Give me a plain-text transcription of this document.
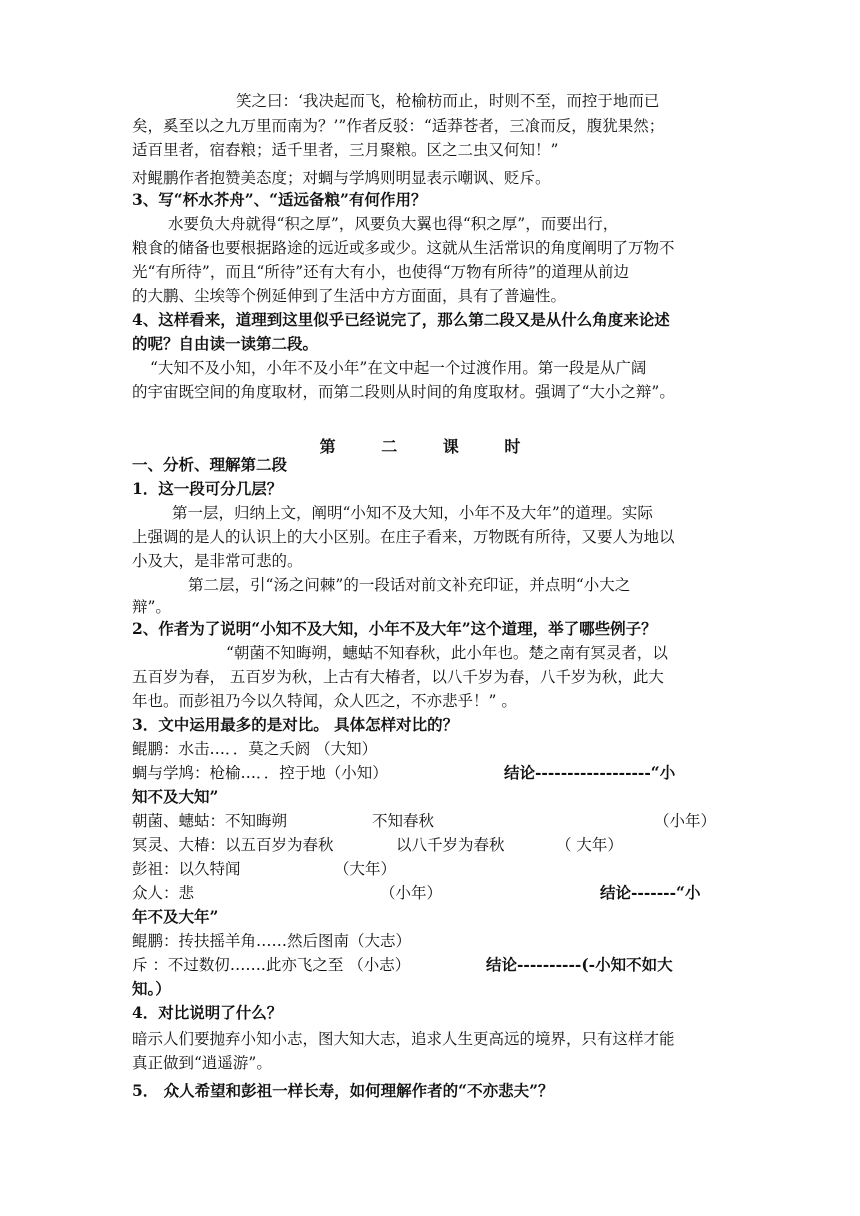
笑之曰：‘我决起而飞，枪榆枋而止，时则不至，而控于地而已
矣，奚至以之九万里而南为？’”作者反驳：“适莽苍者，三飡而反，腹犹果然；
适百里者，宿舂粮；适千里者，三月聚粮。区之二虫又何知！”
对鲲鹏作者抱赞美态度；对蜩与学鸠则明显表示嘲讽、贬斥。
3、写“杯水芥舟”、“适远备粮”有何作用？
水要负大舟就得“积之厚”，风要负大翼也得“积之厚”，而要出行，
粮食的储备也要根据路途的远近或多或少。这就从生活常识的角度阐明了万物不
光“有所待”，而且“所待”还有大有小，也使得“万物有所待”的道理从前边
的大鹏、尘埃等个例延伸到了生活中方方面面，具有了普遍性。
4、这样看来，道理到这里似乎已经说完了，那么第二段又是从什么角度来论述
的呢？自由读一读第二段。
“大知不及小知，小年不及小年”在文中起一个过渡作用。第一段是从广阔
的宇宙既空间的角度取材，而第二段则从时间的角度取材。强调了“大小之辩”。
一、分析、理解第二段
1．这一段可分几层？
第一层，归纳上文，阐明“小知不及大知，小年不及大年”的道理。实际
上强调的是人的认识上的大小区别。在庄子看来，万物既有所待，又要人为地以
小及大，是非常可悲的。
第二层，引“汤之问棘”的一段话对前文补充印证，并点明“小大之
辩”。
2、作者为了说明“小知不及大知，小年不及大年”这个道理，举了哪些例子？
“朝菌不知晦朔，蟪蛄不知春秋，此小年也。楚之南有冥灵者，以
五百岁为春， 五百岁为秋，上古有大椿者，以八千岁为春，八千岁为秋，此大
年也。而彭祖乃今以久特闻，众人匹之，不亦悲乎！” 。
3．文中运用最多的是对比。 具体怎样对比的？
鲲鹏：水击…．．莫之夭阏 （大知）
蜩与学鸠：枪榆…．．控于地（小知）	结论------------------“小
知不及大知”
朝菌、蟪蛄：不知晦朔	不知春秋	（小年）
冥灵、大椿：以五百岁为春秋	以八千岁为春秋	（ 大年）
彭祖：以久特闻	（大年）
众人：悲	（小年）	结论-------“小
年不及大年”
鲲鹏：抟扶摇羊角……然后图南（大志）
斥 ：不过数仞…….此亦飞之至 （小志）	结论----------(-小知不如大
知。）
4．对比说明了什么？
暗示人们要抛弃小知小志，图大知大志，追求人生更高远的境界，只有这样才能
真正做到“逍遥游”。
5． 众人希望和彭祖一样长寿，如何理解作者的“不亦悲夫”？
第 二 课 时
